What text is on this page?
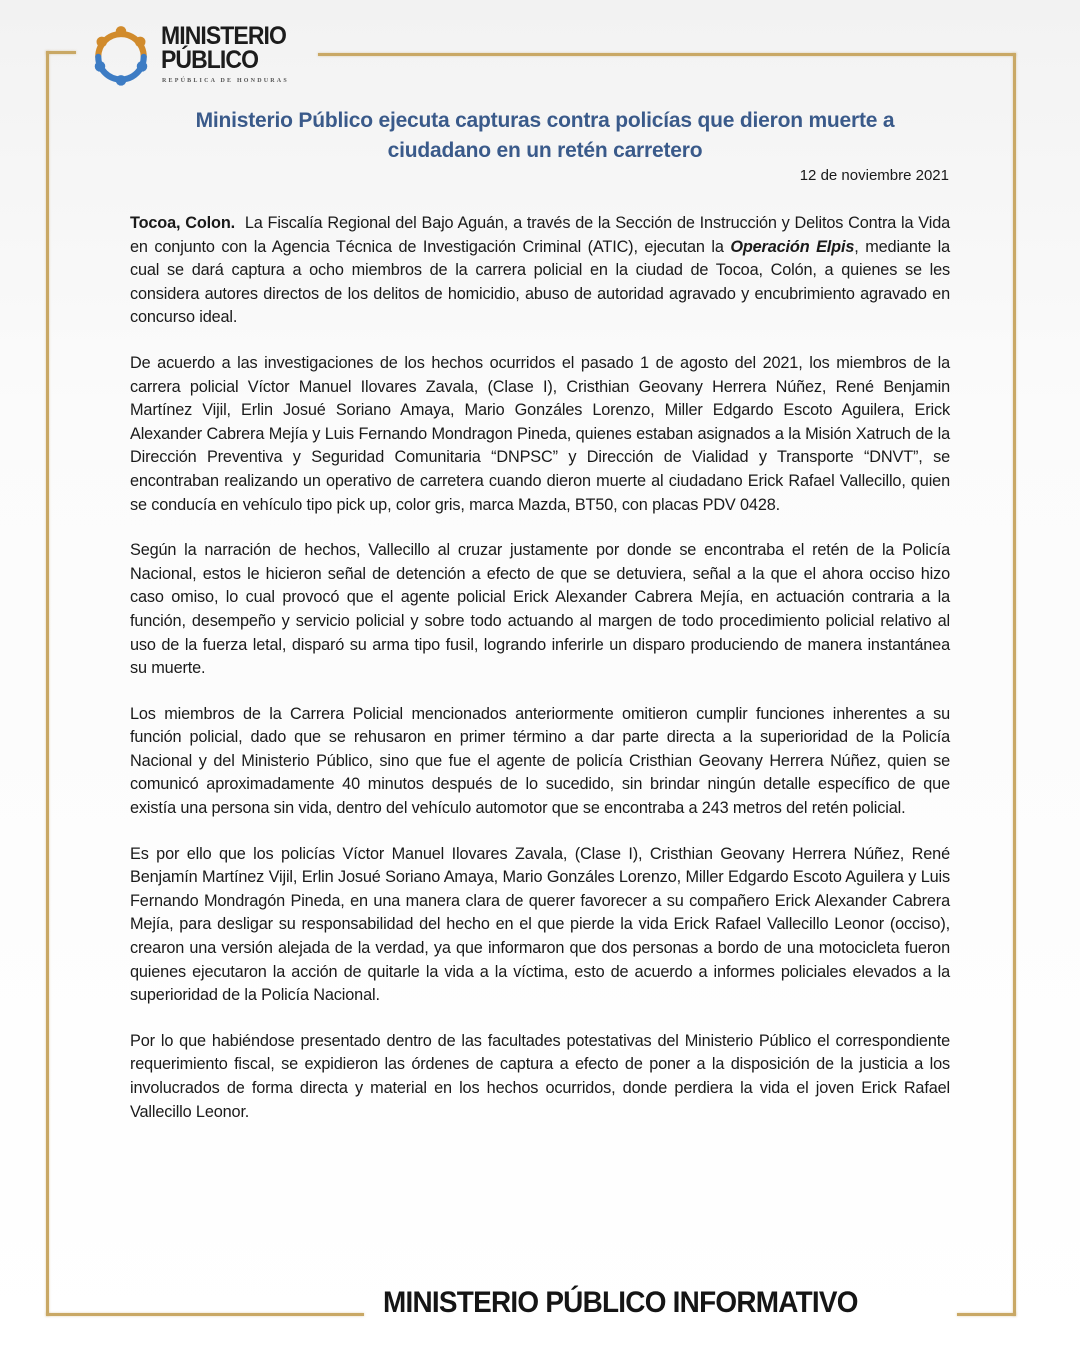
MINISTERIO
PÚBLICO
REPÚBLICA DE HONDURAS
Ministerio Público ejecuta capturas contra policías que dieron muerte a ciudadano en un retén carretero
12 de noviembre 2021

Tocoa, Colon. La Fiscalía Regional del Bajo Aguán, a través de la Sección de Instrucción y Delitos Contra la Vida en conjunto con la Agencia Técnica de Investigación Criminal (ATIC), ejecutan la Operación Elpis, mediante la cual se dará captura a ocho miembros de la carrera policial en la ciudad de Tocoa, Colón, a quienes se les considera autores directos de los delitos de homicidio, abuso de autoridad agravado y encubrimiento agravado en concurso ideal.

De acuerdo a las investigaciones de los hechos ocurridos el pasado 1 de agosto del 2021, los miembros de la carrera policial Víctor Manuel Ilovares Zavala, (Clase I), Cristhian Geovany Herrera Núñez, René Benjamin Martínez Vijil, Erlin Josué Soriano Amaya, Mario Gonzáles Lorenzo, Miller Edgardo Escoto Aguilera, Erick Alexander Cabrera Mejía y Luis Fernando Mondragon Pineda, quienes estaban asignados a la Misión Xatruch de la Dirección Preventiva y Seguridad Comunitaria “DNPSC” y Dirección de Vialidad y Transporte “DNVT”, se encontraban realizando un operativo de carretera cuando dieron muerte al ciudadano Erick Rafael Vallecillo, quien se conducía en vehículo tipo pick up, color gris, marca Mazda, BT50, con placas PDV 0428.

Según la narración de hechos, Vallecillo al cruzar justamente por donde se encontraba el retén de la Policía Nacional, estos le hicieron señal de detención a efecto de que se detuviera, señal a la que el ahora occiso hizo caso omiso, lo cual provocó que el agente policial Erick Alexander Cabrera Mejía, en actuación contraria a la función, desempeño y servicio policial y sobre todo actuando al margen de todo procedimiento policial relativo al uso de la fuerza letal, disparó su arma tipo fusil, logrando inferirle un disparo produciendo de manera instantánea su muerte.

Los miembros de la Carrera Policial mencionados anteriormente omitieron cumplir funciones inherentes a su función policial, dado que se rehusaron en primer término a dar parte directa a la superioridad de la Policía Nacional y del Ministerio Público, sino que fue el agente de policía Cristhian Geovany Herrera Núñez, quien se comunicó aproximadamente 40 minutos después de lo sucedido, sin brindar ningún detalle específico de que existía una persona sin vida, dentro del vehículo automotor que se encontraba a 243 metros del retén policial.

Es por ello que los policías Víctor Manuel Ilovares Zavala, (Clase I), Cristhian Geovany Herrera Núñez, René Benjamín Martínez Vijil, Erlin Josué Soriano Amaya, Mario Gonzáles Lorenzo, Miller Edgardo Escoto Aguilera y Luis Fernando Mondragón Pineda, en una manera clara de querer favorecer a su compañero Erick Alexander Cabrera Mejía, para desligar su responsabilidad del hecho en el que pierde la vida Erick Rafael Vallecillo Leonor (occiso), crearon una versión alejada de la verdad, ya que informaron que dos personas a bordo de una motocicleta fueron quienes ejecutaron la acción de quitarle la vida a la víctima, esto de acuerdo a informes policiales elevados a la superioridad de la Policía Nacional.

Por lo que habiéndose presentado dentro de las facultades potestativas del Ministerio Público el correspondiente requerimiento fiscal, se expidieron las órdenes de captura a efecto de poner a la disposición de la justicia a los involucrados de forma directa y material en los hechos ocurridos, donde perdiera la vida el joven Erick Rafael Vallecillo Leonor.

MINISTERIO PÚBLICO INFORMATIVO
